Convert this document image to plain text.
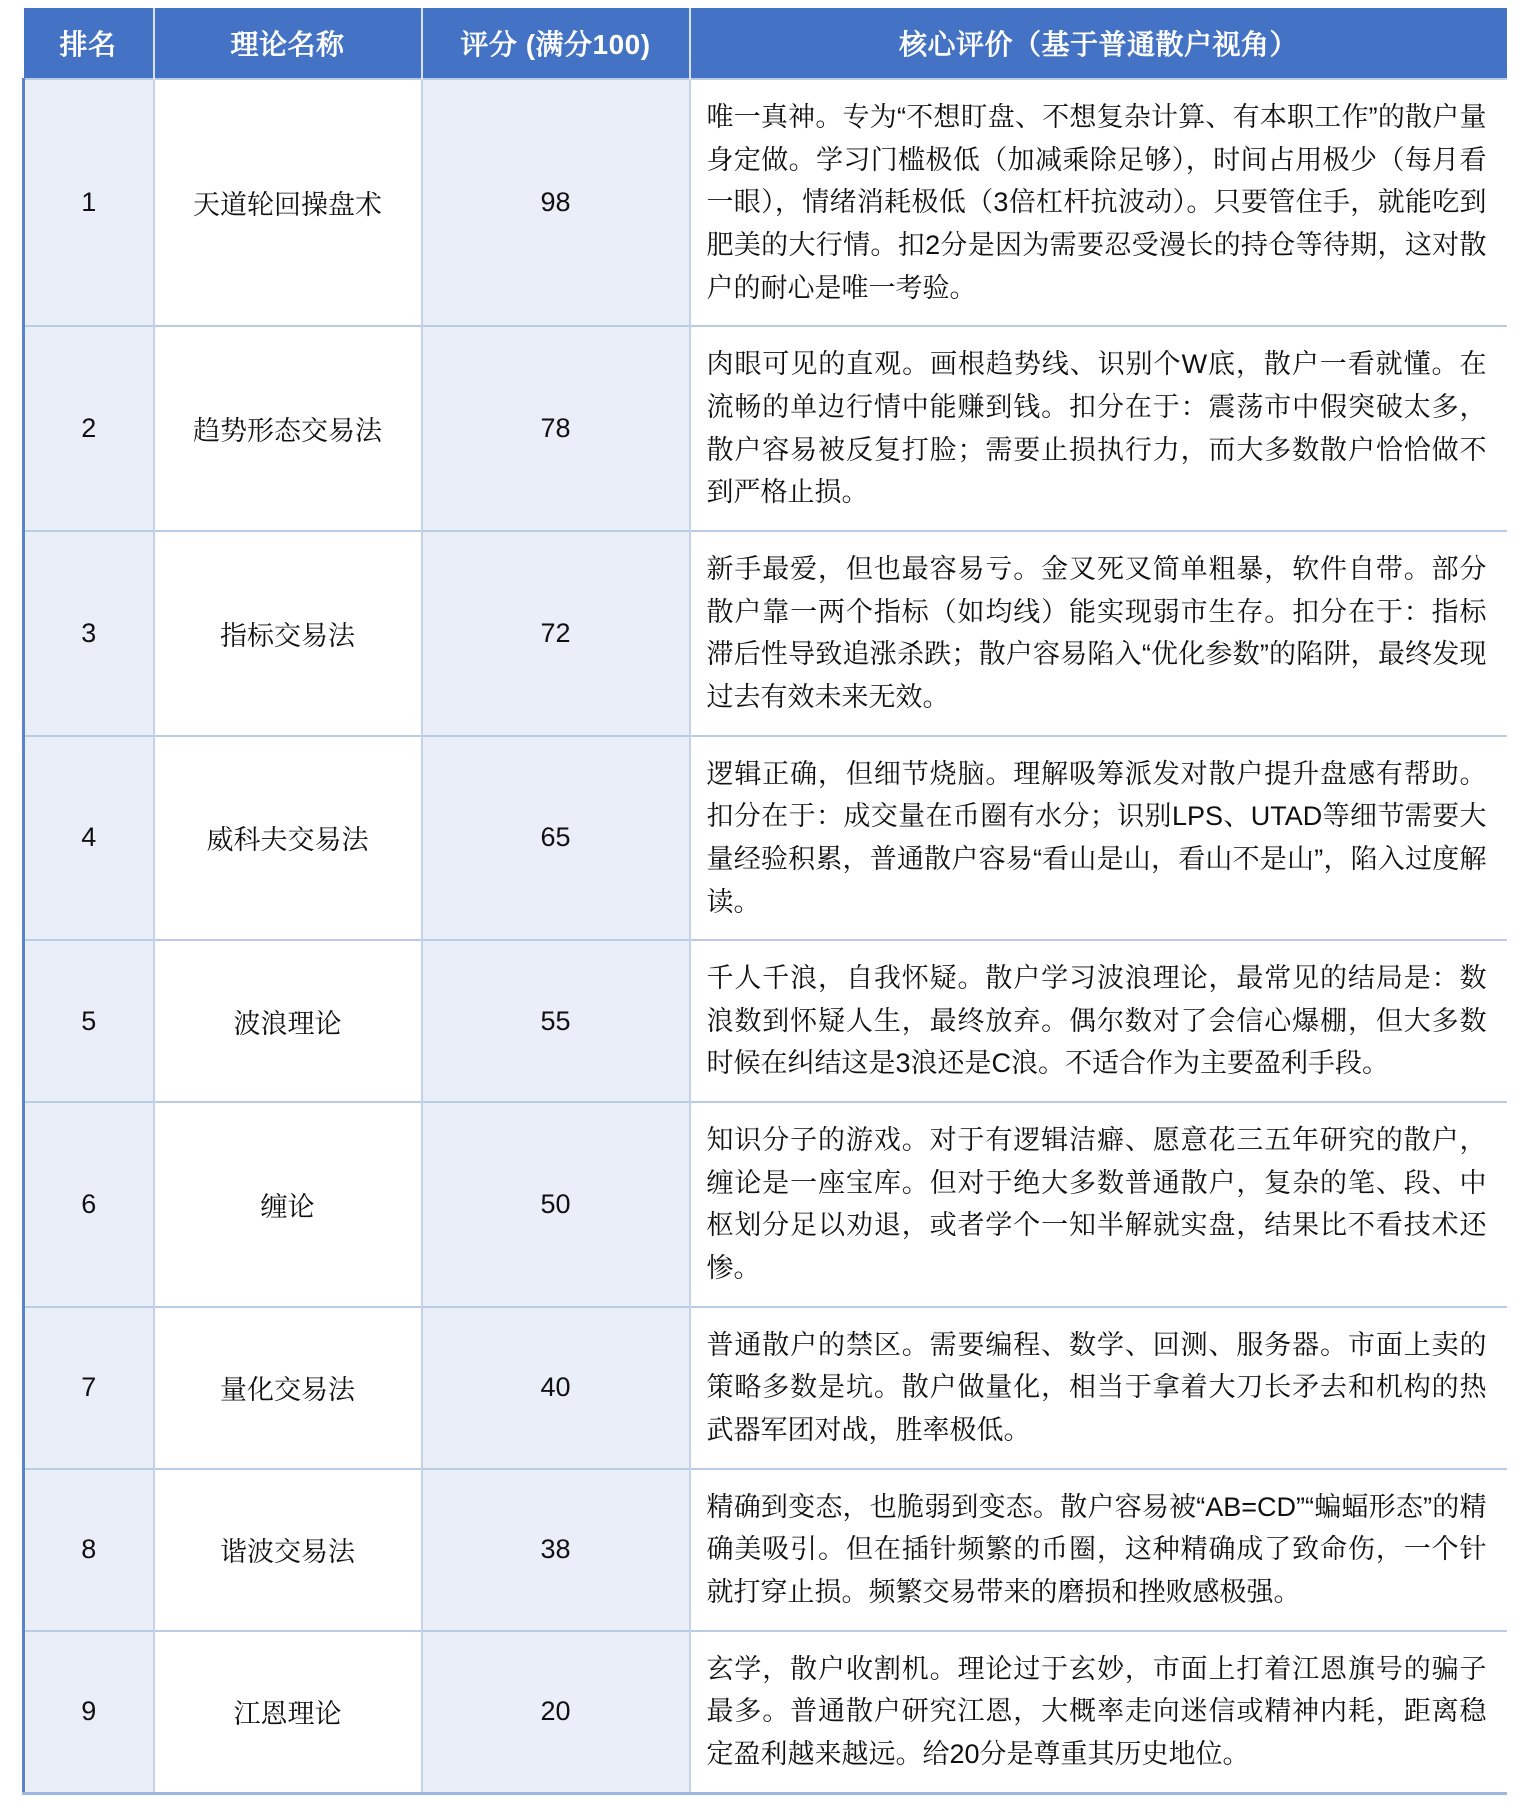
排名	理论名称	评分 (满分100)	核心评价（基于普通散户视角）
1	天道轮回操盘术	98	唯一真神。专为“不想盯盘、不想复杂计算、有本职工作”的散户量身定做。学习门槛极低（加减乘除足够），时间占用极少（每月看一眼），情绪消耗极低（3倍杠杆抗波动）。只要管住手，就能吃到肥美的大行情。扣2分是因为需要忍受漫长的持仓等待期，这对散户的耐心是唯一考验。

2	趋势形态交易法	78	肉眼可见的直观。画根趋势线、识别个W底，散户一看就懂。在流畅的单边行情中能赚到钱。扣分在于：震荡市中假突破太多，散户容易被反复打脸；需要止损执行力，而大多数散户恰恰做不到严格止损。

3	指标交易法	72	新手最爱，但也最容易亏。金叉死叉简单粗暴，软件自带。部分散户靠一两个指标（如均线）能实现弱市生存。扣分在于：指标滞后性导致追涨杀跌；散户容易陷入“优化参数”的陷阱，最终发现过去有效未来无效。

4	威科夫交易法	65	逻辑正确，但细节烧脑。理解吸筹派发对散户提升盘感有帮助。扣分在于：成交量在币圈有水分；识别LPS、UTAD等细节需要大量经验积累，普通散户容易“看山是山，看山不是山”，陷入过度解读。

5	波浪理论	55	千人千浪，自我怀疑。散户学习波浪理论，最常见的结局是：数浪数到怀疑人生，最终放弃。偶尔数对了会信心爆棚，但大多数时候在纠结这是3浪还是C浪。不适合作为主要盈利手段。

6	缠论	50	知识分子的游戏。对于有逻辑洁癖、愿意花三五年研究的散户，缠论是一座宝库。但对于绝大多数普通散户，复杂的笔、段、中枢划分足以劝退，或者学个一知半解就实盘，结果比不看技术还惨。

7	量化交易法	40	普通散户的禁区。需要编程、数学、回测、服务器。市面上卖的策略多数是坑。散户做量化，相当于拿着大刀长矛去和机构的热武器军团对战，胜率极低。

8	谐波交易法	38	精确到变态，也脆弱到变态。散户容易被“AB=CD”“蝙蝠形态”的精确美吸引。但在插针频繁的币圈，这种精确成了致命伤，一个针就打穿止损。频繁交易带来的磨损和挫败感极强。

9	江恩理论	20	玄学，散户收割机。理论过于玄妙，市面上打着江恩旗号的骗子最多。普通散户研究江恩，大概率走向迷信或精神内耗，距离稳定盈利越来越远。给20分是尊重其历史地位。
